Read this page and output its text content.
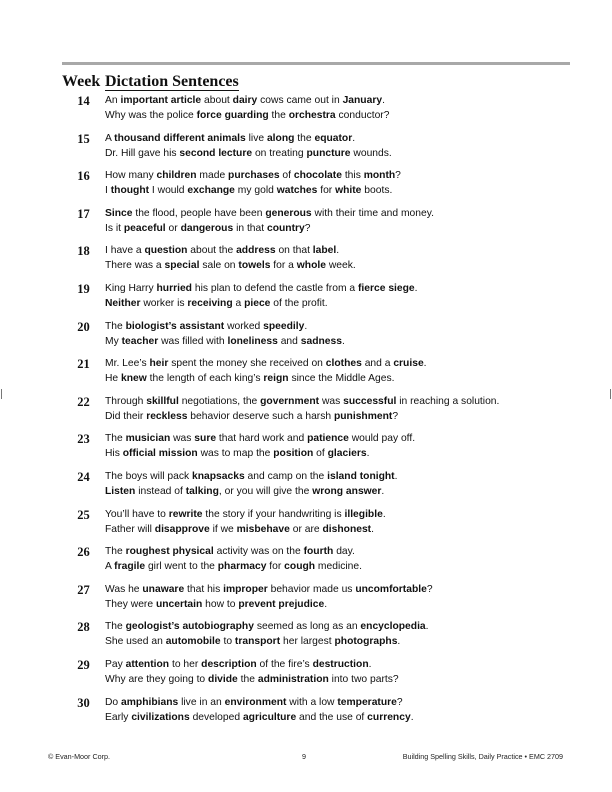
Week Dictation Sentences
14	An important article about dairy cows came out in January.
Why was the police force guarding the orchestra conductor?
15	A thousand different animals live along the equator.
Dr. Hill gave his second lecture on treating puncture wounds.
16	How many children made purchases of chocolate this month?
I thought I would exchange my gold watches for white boots.
17	Since the flood, people have been generous with their time and money.
Is it peaceful or dangerous in that country?
18	I have a question about the address on that label.
There was a special sale on towels for a whole week.
19	King Harry hurried his plan to defend the castle from a fierce siege.
Neither worker is receiving a piece of the profit.
20	The biologist’s assistant worked speedily.
My teacher was filled with loneliness and sadness.
21	Mr. Lee’s heir spent the money she received on clothes and a cruise.
He knew the length of each king’s reign since the Middle Ages.
22	Through skillful negotiations, the government was successful in reaching a solution.
Did their reckless behavior deserve such a harsh punishment?
23	The musician was sure that hard work and patience would pay off.
His official mission was to map the position of glaciers.
24	The boys will pack knapsacks and camp on the island tonight.
Listen instead of talking, or you will give the wrong answer.
25	You’ll have to rewrite the story if your handwriting is illegible.
Father will disapprove if we misbehave or are dishonest.
26	The roughest physical activity was on the fourth day.
A fragile girl went to the pharmacy for cough medicine.
27	Was he unaware that his improper behavior made us uncomfortable?
They were uncertain how to prevent prejudice.
28	The geologist’s autobiography seemed as long as an encyclopedia.
She used an automobile to transport her largest photographs.
29	Pay attention to her description of the fire’s destruction.
Why are they going to divide the administration into two parts?
30	Do amphibians live in an environment with a low temperature?
Early civilizations developed agriculture and the use of currency.
© Evan-Moor Corp.	9	Building Spelling Skills, Daily Practice • EMC 2709
